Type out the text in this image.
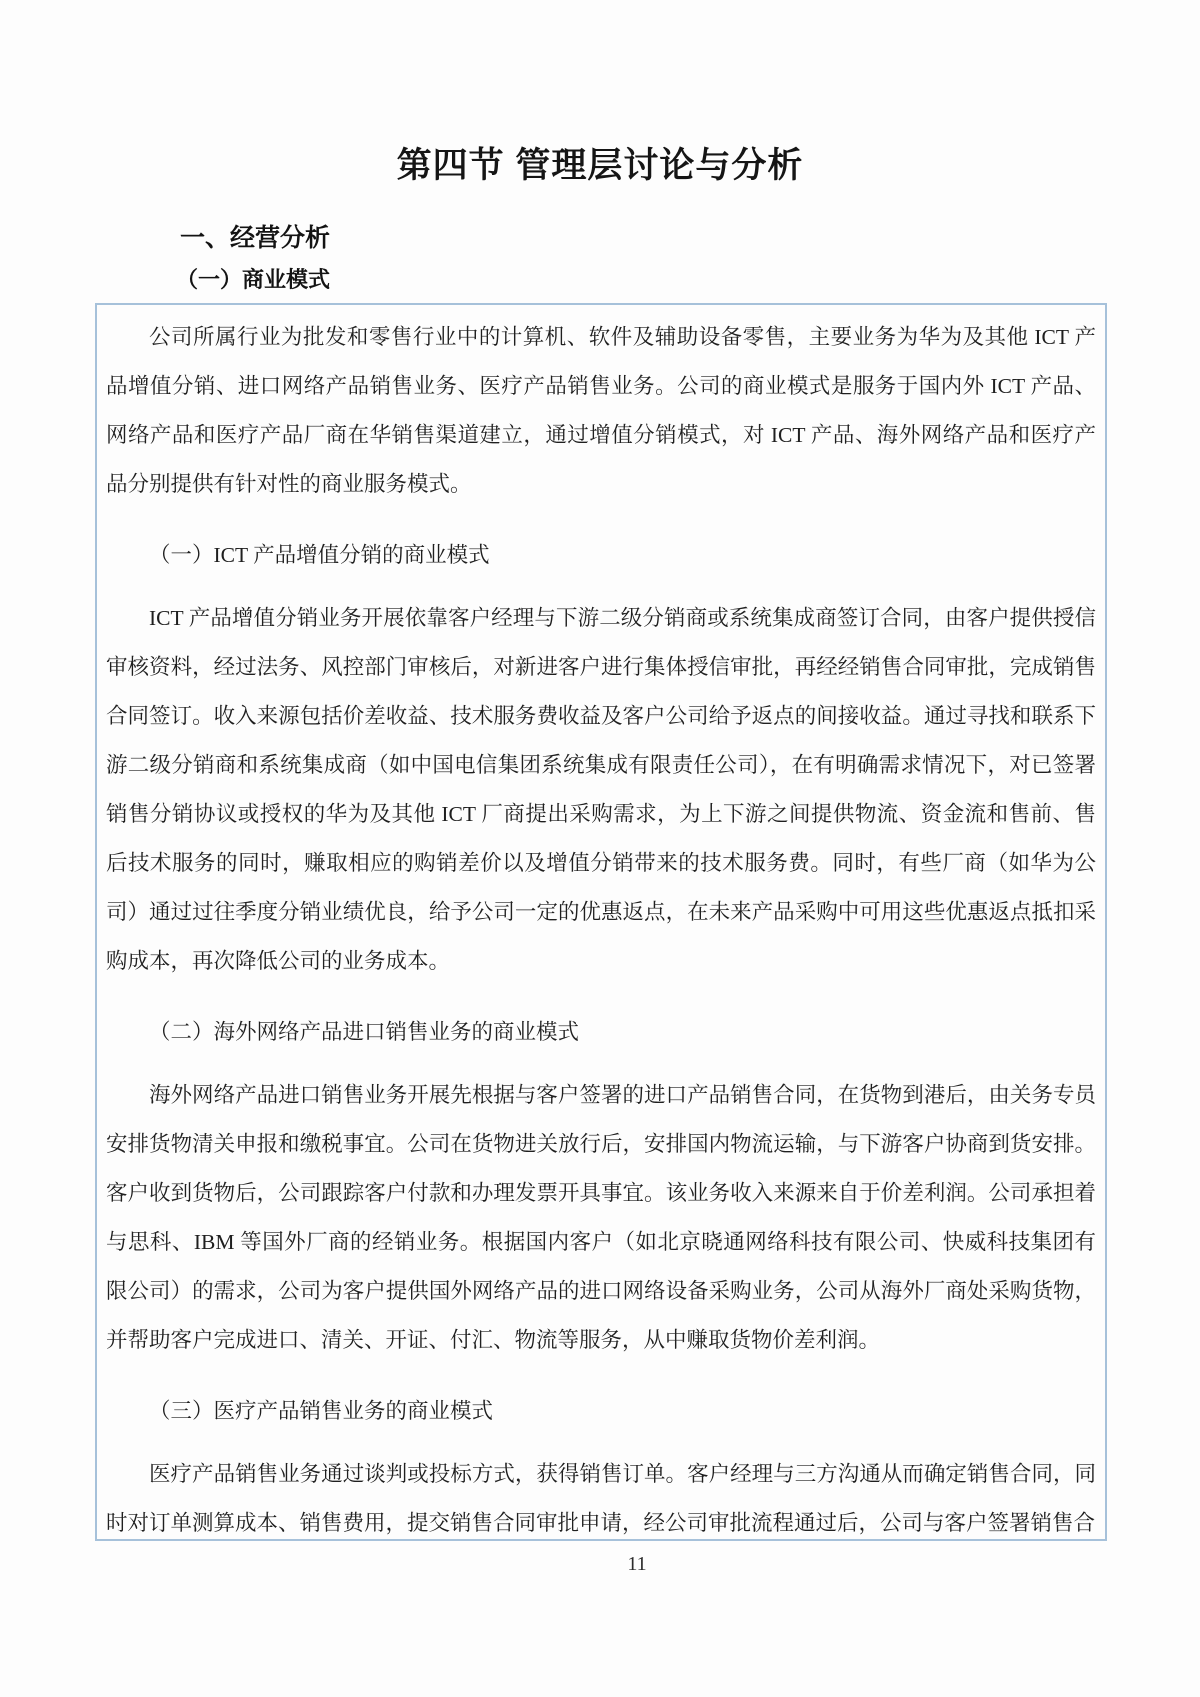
第四节 管理层讨论与分析
一、经营分析
（一）商业模式

公司所属行业为批发和零售行业中的计算机、软件及辅助设备零售，主要业务为华为及其他 ICT 产品增值分销、进口网络产品销售业务、医疗产品销售业务。公司的商业模式是服务于国内外 ICT 产品、网络产品和医疗产品厂商在华销售渠道建立，通过增值分销模式，对 ICT 产品、海外网络产品和医疗产品分别提供有针对性的商业服务模式。

（一）ICT 产品增值分销的商业模式

ICT 产品增值分销业务开展依靠客户经理与下游二级分销商或系统集成商签订合同，由客户提供授信审核资料，经过法务、风控部门审核后，对新进客户进行集体授信审批，再经经销售合同审批，完成销售合同签订。收入来源包括价差收益、技术服务费收益及客户公司给予返点的间接收益。通过寻找和联系下游二级分销商和系统集成商（如中国电信集团系统集成有限责任公司），在有明确需求情况下，对已签署销售分销协议或授权的华为及其他 ICT 厂商提出采购需求，为上下游之间提供物流、资金流和售前、售后技术服务的同时，赚取相应的购销差价以及增值分销带来的技术服务费。同时，有些厂商（如华为公司）通过过往季度分销业绩优良，给予公司一定的优惠返点，在未来产品采购中可用这些优惠返点抵扣采购成本，再次降低公司的业务成本。

（二）海外网络产品进口销售业务的商业模式

海外网络产品进口销售业务开展先根据与客户签署的进口产品销售合同，在货物到港后，由关务专员安排货物清关申报和缴税事宜。公司在货物进关放行后，安排国内物流运输，与下游客户协商到货安排。客户收到货物后，公司跟踪客户付款和办理发票开具事宜。该业务收入来源来自于价差利润。公司承担着与思科、IBM 等国外厂商的经销业务。根据国内客户（如北京晓通网络科技有限公司、快威科技集团有限公司）的需求，公司为客户提供国外网络产品的进口网络设备采购业务，公司从海外厂商处采购货物，并帮助客户完成进口、清关、开证、付汇、物流等服务，从中赚取货物价差利润。

（三）医疗产品销售业务的商业模式

医疗产品销售业务通过谈判或投标方式，获得销售订单。客户经理与三方沟通从而确定销售合同，同时对订单测算成本、销售费用，提交销售合同审批申请，经公司审批流程通过后，公司与客户签署销售合

11
